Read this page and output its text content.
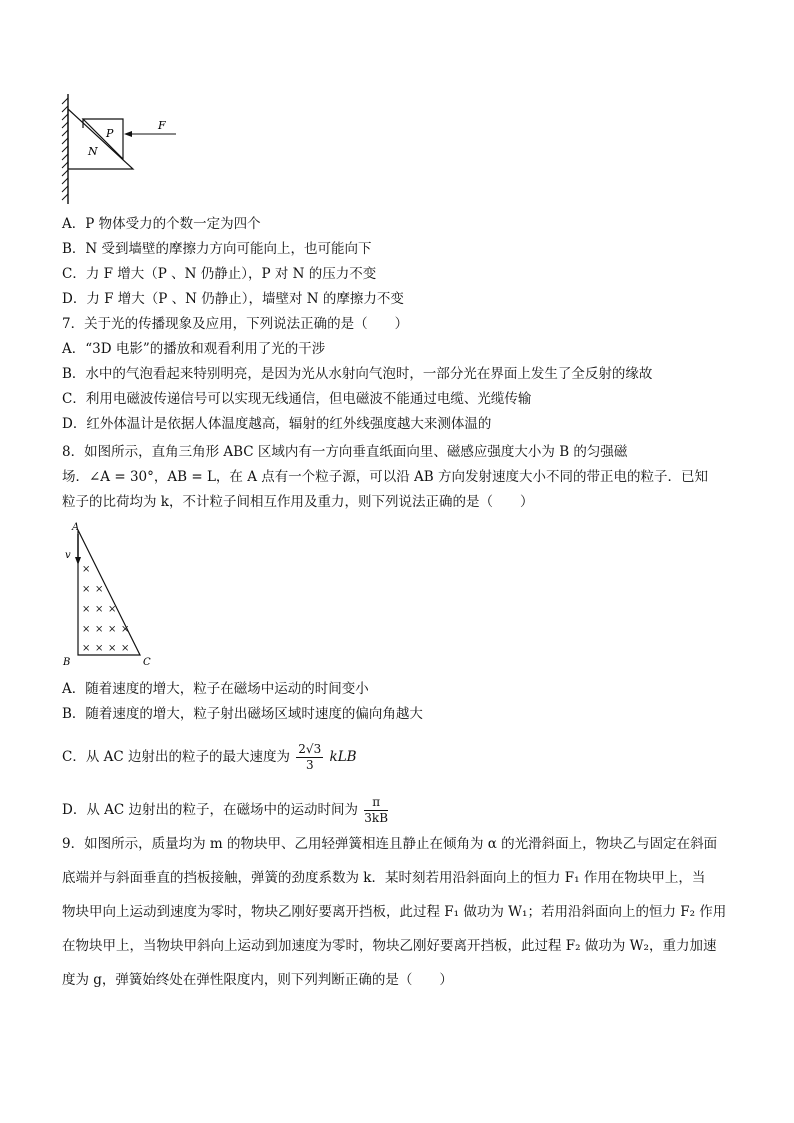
P
N
F
A．P 物体受力的个数一定为四个
B．N 受到墙壁的摩擦力方向可能向上，也可能向下
C．力 F 增大（P 、N 仍静止），P 对 N 的压力不变
D．力 F 增大（P 、N 仍静止），墙壁对 N 的摩擦力不变
7．关于光的传播现象及应用，下列说法正确的是（　　）
A．“3D 电影”的播放和观看利用了光的干涉
B．水中的气泡看起来特别明亮，是因为光从水射向气泡时，一部分光在界面上发生了全反射的缘故
C．利用电磁波传递信号可以实现无线通信，但电磁波不能通过电缆、光缆传输
D．红外体温计是依据人体温度越高，辐射的红外线强度越大来测体温的
8．如图所示，直角三角形 ABC 区域内有一方向垂直纸面向里、磁感应强度大小为 B 的匀强磁
场．∠A = 30°，AB = L，在 A 点有一个粒子源，可以沿 AB 方向发射速度大小不同的带正电的粒子．已知
粒子的比荷均为 k，不计粒子间相互作用及重力，则下列说法正确的是（　　）
A
B	C
v
×
× ×
× × ×
× × × ×
× × × ×
A．随着速度的增大，粒子在磁场中运动的时间变小
B．随着速度的增大，粒子射出磁场区域时速度的偏向角越大
C．从 AC 边射出的粒子的最大速度为 $\frac{2√3}{3}$ kLB
D．从 AC 边射出的粒子，在磁场中的运动时间为 $\frac{\pi}{3kB}$
9．如图所示，质量均为 m 的物块甲、乙用轻弹簧相连且静止在倾角为 α 的光滑斜面上，物块乙与固定在斜面
底端并与斜面垂直的挡板接触，弹簧的劲度系数为 k．某时刻若用沿斜面向上的恒力 F₁ 作用在物块甲上，当
物块甲向上运动到速度为零时，物块乙刚好要离开挡板，此过程 F₁ 做功为 W₁；若用沿斜面向上的恒力 F₂ 作用
在物块甲上，当物块甲斜向上运动到加速度为零时，物块乙刚好要离开挡板，此过程 F₂ 做功为 W₂，重力加速
度为 g，弹簧始终处在弹性限度内，则下列判断正确的是（　　）
